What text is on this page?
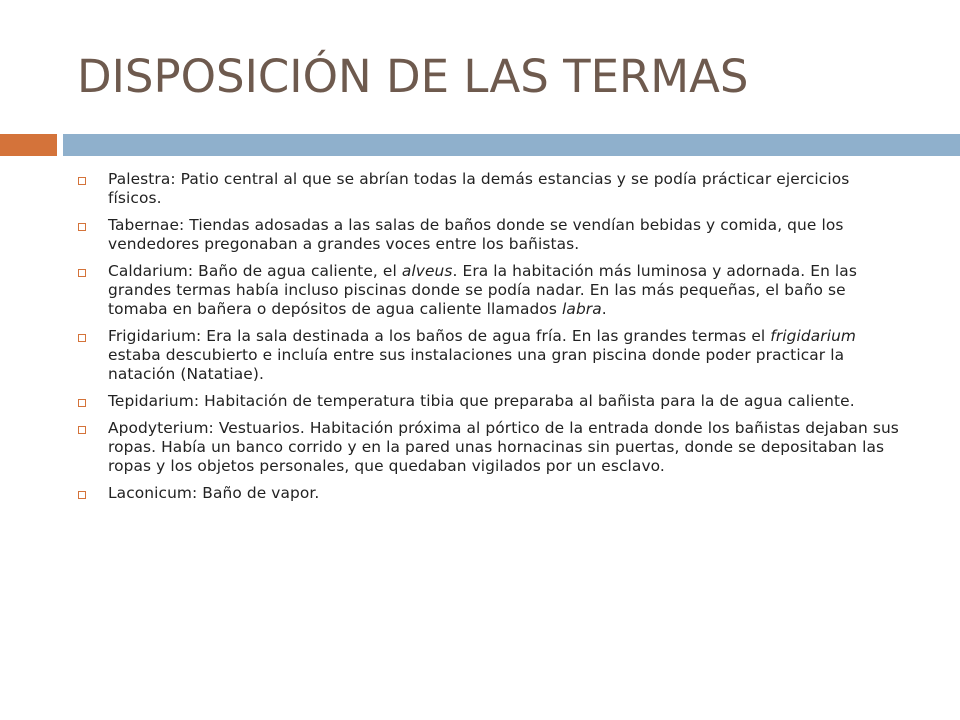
DISPOSICIÓN DE LAS TERMAS
Palestra: Patio central al que se abrían todas la demás estancias y se podía prácticar ejercicios físicos.
Tabernae: Tiendas adosadas a las salas de baños donde se vendían bebidas y comida, que los vendedores pregonaban a grandes voces entre los bañistas.
Caldarium: Baño de agua caliente, el alveus. Era la habitación más luminosa y adornada. En las grandes termas había incluso piscinas donde se podía nadar. En las más pequeñas, el baño se tomaba en bañera o depósitos de agua caliente llamados labra.
Frigidarium: Era la sala destinada a los baños de agua fría. En las grandes termas el frigidarium estaba descubierto e incluía entre sus instalaciones una gran piscina donde poder practicar la natación (Natatiae).
Tepidarium: Habitación de temperatura tibia que preparaba al bañista para la de agua caliente.
Apodyterium: Vestuarios. Habitación próxima al pórtico de la entrada donde los bañistas dejaban sus ropas. Había un banco corrido y en la pared unas hornacinas sin puertas, donde se depositaban las ropas y los objetos personales, que quedaban vigilados por un esclavo.
Laconicum: Baño de vapor.
